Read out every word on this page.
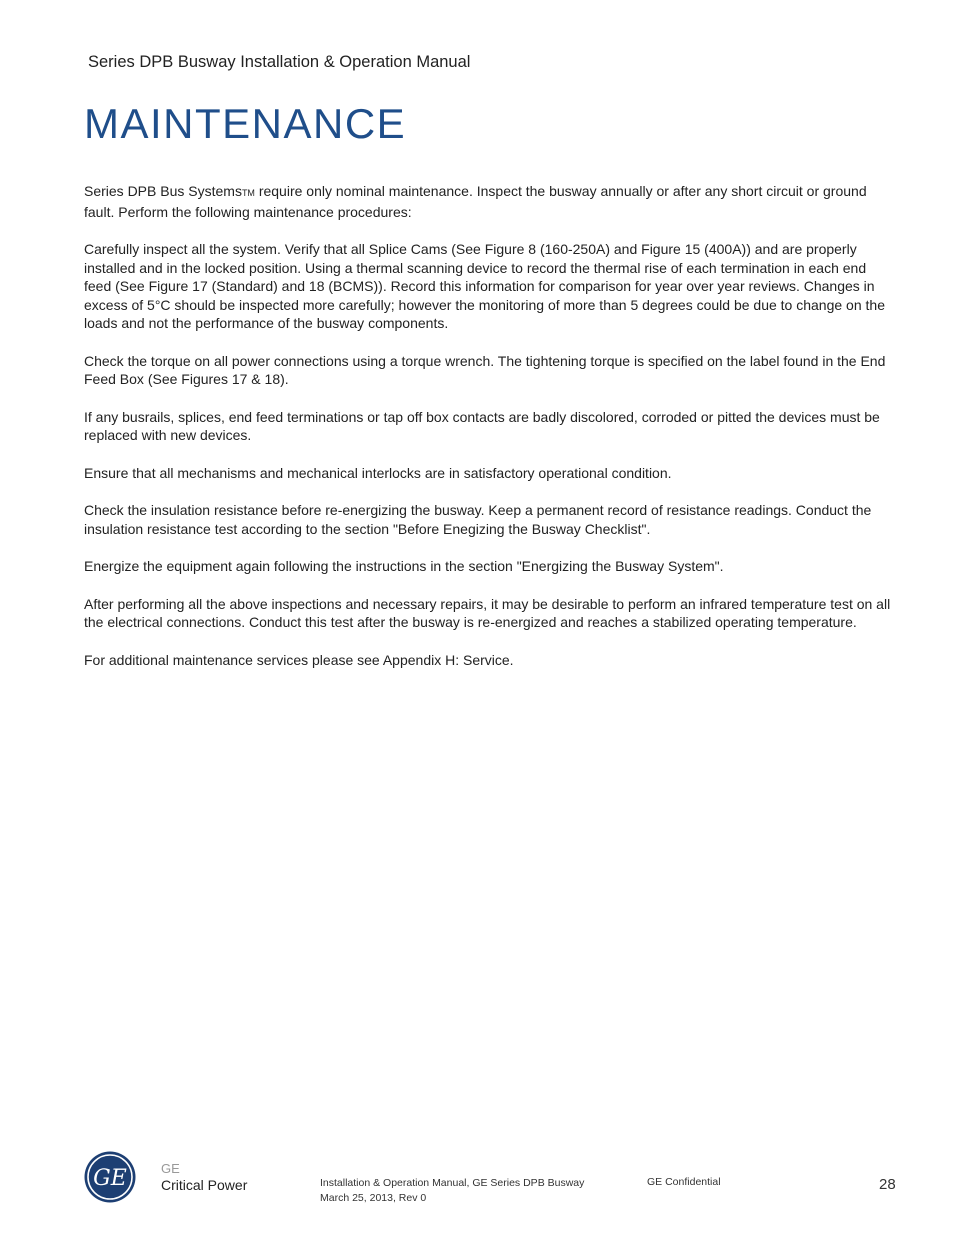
Series DPB Busway Installation & Operation Manual
MAINTENANCE

Series DPB Bus SystemsTM require only nominal maintenance. Inspect the busway annually or after any short circuit or ground fault. Perform the following maintenance procedures:

Carefully inspect all the system. Verify that all Splice Cams (See Figure 8 (160-250A) and Figure 15 (400A)) and are properly installed and in the locked position. Using a thermal scanning device to record the thermal rise of each termination in each end feed (See Figure 17 (Standard) and 18 (BCMS)). Record this information for comparison for year over year reviews. Changes in excess of 5°C should be inspected more carefully; however the monitoring of more than 5 degrees could be due to change on the loads and not the performance of the busway components.

Check the torque on all power connections using a torque wrench. The tightening torque is specified on the label found in the End Feed Box (See Figures 17 & 18).

If any busrails, splices, end feed terminations or tap off box contacts are badly discolored, corroded or pitted the devices must be replaced with new devices.

Ensure that all mechanisms and mechanical interlocks are in satisfactory operational condition.

Check the insulation resistance before re-energizing the busway. Keep a permanent record of resistance readings. Conduct the insulation resistance test according to the section "Before Enegizing the Busway Checklist".

Energize the equipment again following the instructions in the section "Energizing the Busway System".

After performing all the above inspections and necessary repairs, it may be desirable to perform an infrared temperature test on all the electrical connections. Conduct this test after the busway is re-energized and reaches a stabilized operating temperature.

For additional maintenance services please see Appendix H: Service.

GE	GE
Critical Power	Installation & Operation Manual, GE Series DPB Busway
March 25, 2013, Rev 0
GE Confidential	28
